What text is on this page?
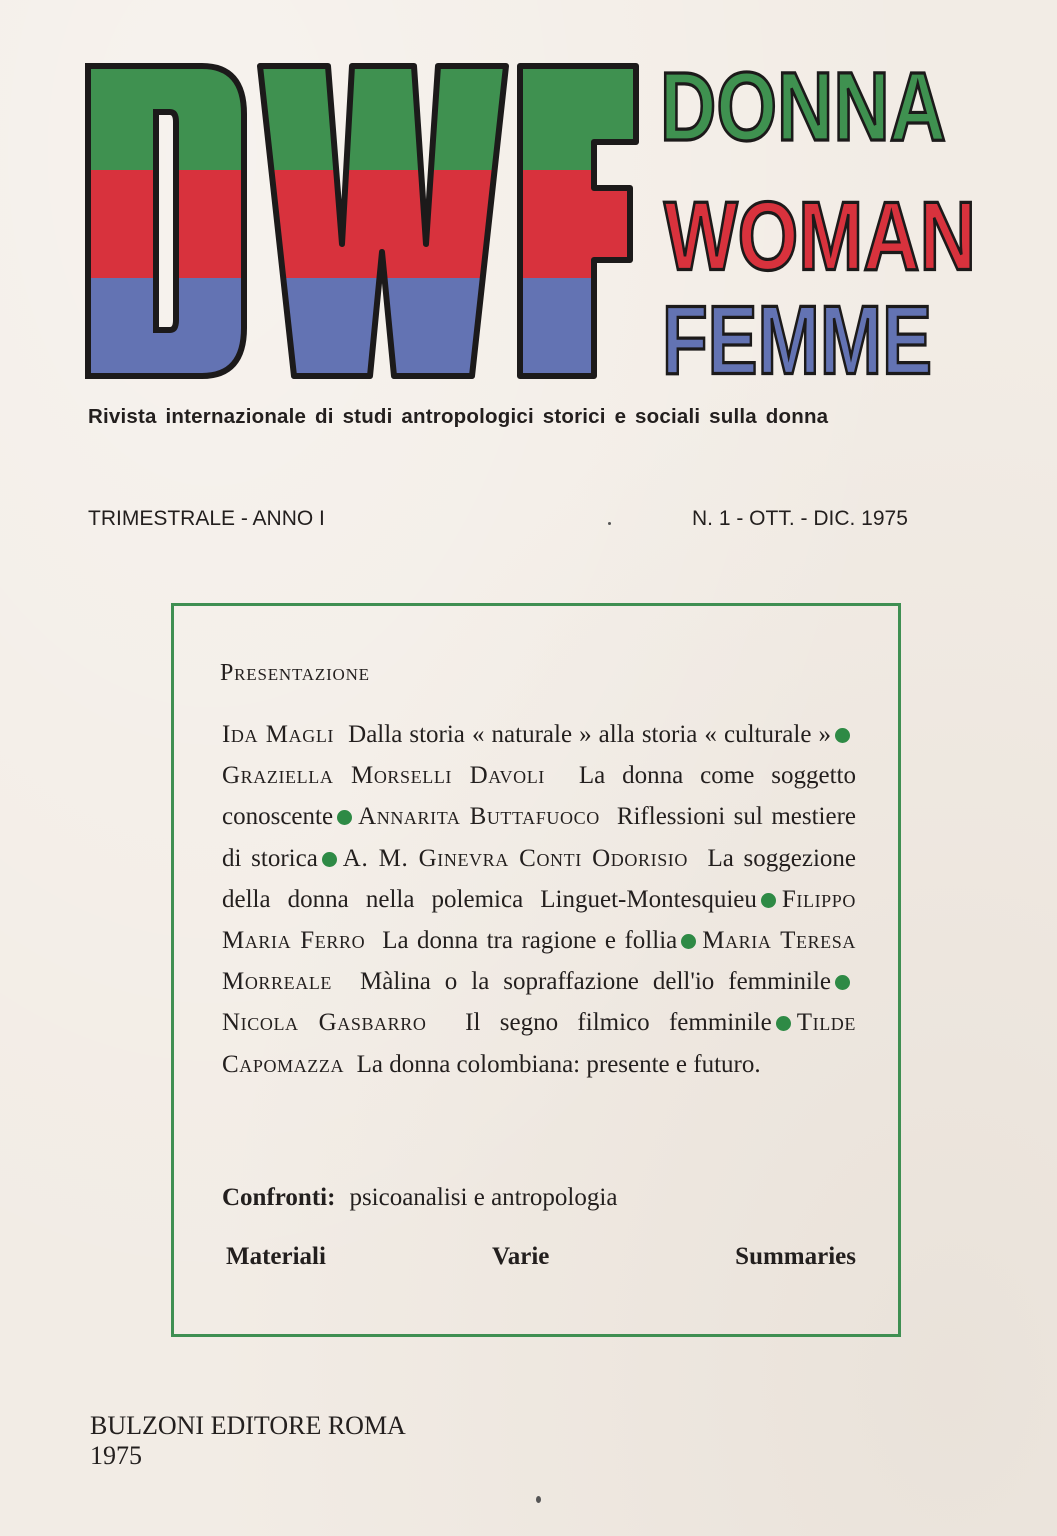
DONNA
WOMAN
FEMME
Rivista internazionale di studi antropologici storici e sociali sulla donna
TRIMESTRALE - ANNO I	N. 1 - OTT. - DIC. 1975
Presentazione
Ida Magli Dalla storia « naturale » alla storia « culturale »Graziella Morselli Davoli La donna come soggetto conoscente Annarita Buttafuoco Riflessioni sul mestiere di storica A. M. Ginevra Conti Odorisio La soggezione della donna nella polemica Linguet-Montesquieu Filippo Maria Ferro La donna tra ragione e follia Maria Teresa Morreale Màlina o la sopraffazione dell'io femminileNicola Gasbarro Il segno filmico femminile Tilde Capomazza La donna colombiana: presente e futuro.
Confronti: psicoanalisi e antropologia
Materiali	Varie	Summaries
BULZONI EDITORE ROMA
1975
